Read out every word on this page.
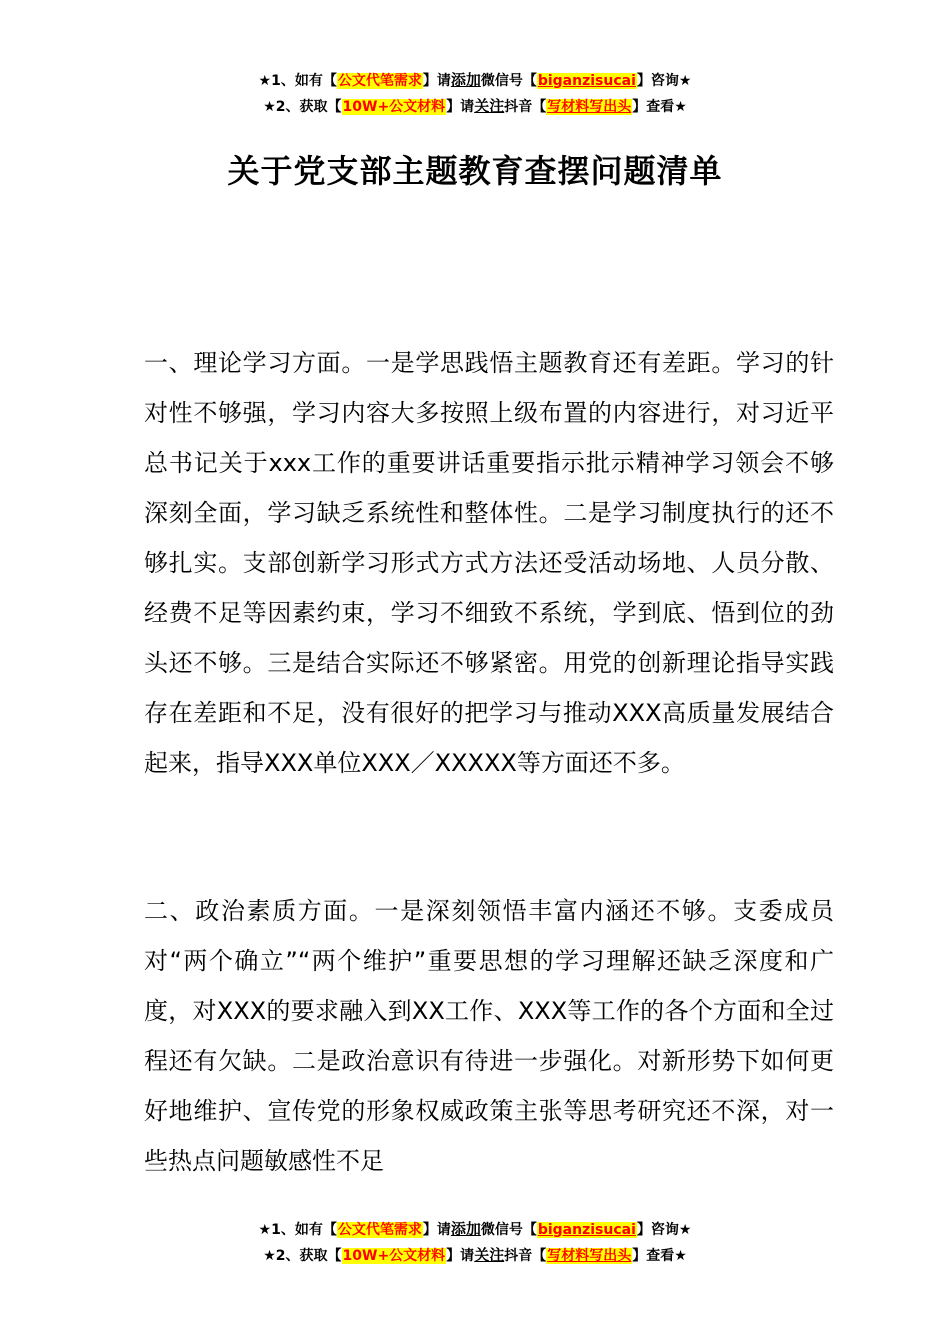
★1、如有【公文代笔需求】请添加微信号【biganzisucai】咨询★
★2、获取【10W+公文材料】请关注抖音【写材料写出头】查看★
关于党支部主题教育查摆问题清单
一、理论学习方面。一是学思践悟主题教育还有差距。学习的针对性不够强，学习内容大多按照上级布置的内容进行，对习近平总书记关于xxx工作的重要讲话重要指示批示精神学习领会不够深刻全面，学习缺乏系统性和整体性。二是学习制度执行的还不够扎实。支部创新学习形式方式方法还受活动场地、人员分散、经费不足等因素约束，学习不细致不系统，学到底、悟到位的劲头还不够。三是结合实际还不够紧密。用党的创新理论指导实践存在差距和不足，没有很好的把学习与推动XXX高质量发展结合起来，指导XXX单位XXX／XXXXX等方面还不多。
二、政治素质方面。一是深刻领悟丰富内涵还不够。支委成员对“两个确立”“两个维护”重要思想的学习理解还缺乏深度和广度，对XXX的要求融入到XX工作、XXX等工作的各个方面和全过程还有欠缺。二是政治意识有待进一步强化。对新形势下如何更好地维护、宣传党的形象权威政策主张等思考研究还不深，对一些热点问题敏感性不足
★1、如有【公文代笔需求】请添加微信号【biganzisucai】咨询★
★2、获取【10W+公文材料】请关注抖音【写材料写出头】查看★
